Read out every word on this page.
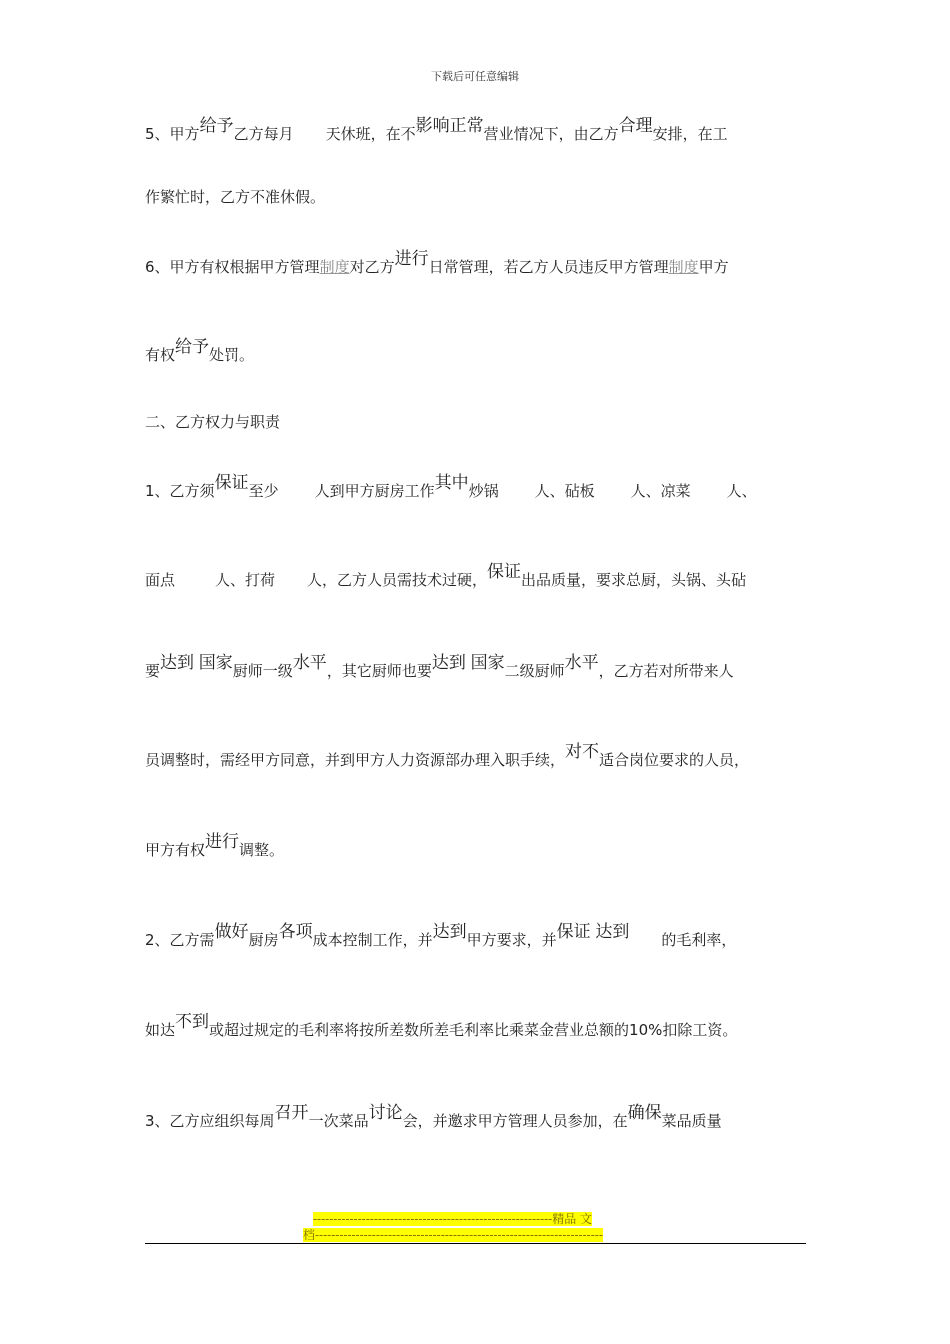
下载后可任意编辑
5、甲方给予乙方每月 天休班，在不影响正常营业情况下，由乙方合理安排，在工
作繁忙时，乙方不准休假。
6、甲方有权根据甲方管理制度对乙方进行日常管理，若乙方人员违反甲方管理制度甲方
有权给予处罚。
二、乙方权力与职责
1、乙方须保证至少 人到甲方厨房工作其中炒锅 人、砧板 人、凉菜 人、
面点	人、打荷 人，乙方人员需技术过硬，保证出品质量，要求总厨，头锅、头砧
要达到 国家厨师一级水平，其它厨师也要达到 国家二级厨师水平，乙方若对所带来人
员调整时，需经甲方同意，并到甲方人力资源部办理入职手续，对不适合岗位要求的人员，
甲方有权进行调整。
2、乙方需做好厨房各项成本控制工作，并达到甲方要求，并保证 达到 的毛利率，
如达不到或超过规定的毛利率将按所差数所差毛利率比乘菜金营业总额的10%扣除工资。
3、乙方应组织每周召开一次菜品讨论会，并邀求甲方管理人员参加，在确保菜品质量
-----------------------------------------------------------精品 文
档-----------------------------------------------------------------------
